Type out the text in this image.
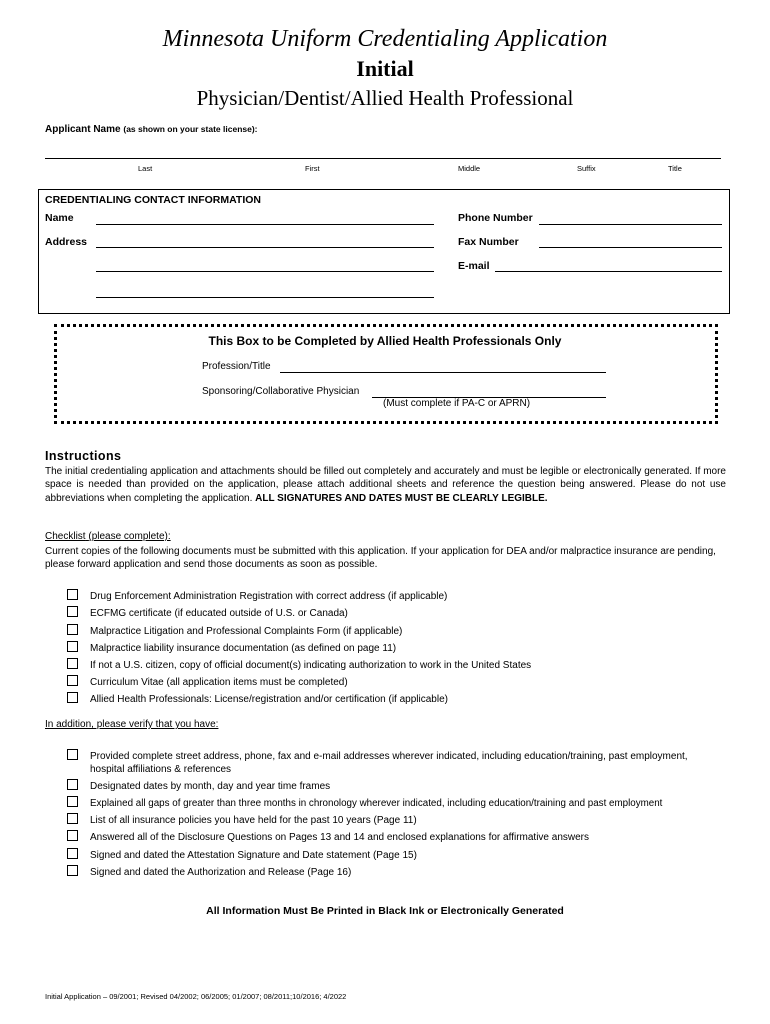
Minnesota Uniform Credentialing Application
Initial
Physician/Dentist/Allied Health Professional
Applicant Name (as shown on your state license):
Last	First	Middle	Suffix	Title
CREDENTIALING CONTACT INFORMATION
Name
Address
Phone Number
Fax Number
E-mail
This Box to be Completed by Allied Health Professionals Only
Profession/Title
Sponsoring/Collaborative Physician
(Must complete if PA-C or APRN)
Instructions
The initial credentialing application and attachments should be filled out completely and accurately and must be legible or electronically generated. If more space is needed than provided on the application, please attach additional sheets and reference the question being answered. Please do not use abbreviations when completing the application. ALL SIGNATURES AND DATES MUST BE CLEARLY LEGIBLE.
Checklist (please complete):
Current copies of the following documents must be submitted with this application. If your application for DEA and/or malpractice insurance are pending, please forward application and send those documents as soon as possible.
Drug Enforcement Administration Registration with correct address (if applicable)
ECFMG certificate (if educated outside of U.S. or Canada)
Malpractice Litigation and Professional Complaints Form (if applicable)
Malpractice liability insurance documentation (as defined on page 11)
If not a U.S. citizen, copy of official document(s) indicating authorization to work in the United States
Curriculum Vitae (all application items must be completed)
Allied Health Professionals: License/registration and/or certification (if applicable)
In addition, please verify that you have:
Provided complete street address, phone, fax and e-mail addresses wherever indicated, including education/training, past employment, hospital affiliations & references
Designated dates by month, day and year time frames
Explained all gaps of greater than three months in chronology wherever indicated, including education/training and past employment
List of all insurance policies you have held for the past 10 years (Page 11)
Answered all of the Disclosure Questions on Pages 13 and 14 and enclosed explanations for affirmative answers
Signed and dated the Attestation Signature and Date statement (Page 15)
Signed and dated the Authorization and Release (Page 16)
All Information Must Be Printed in Black Ink or Electronically Generated
Initial Application – 09/2001; Revised 04/2002; 06/2005; 01/2007; 08/2011;10/2016; 4/2022
